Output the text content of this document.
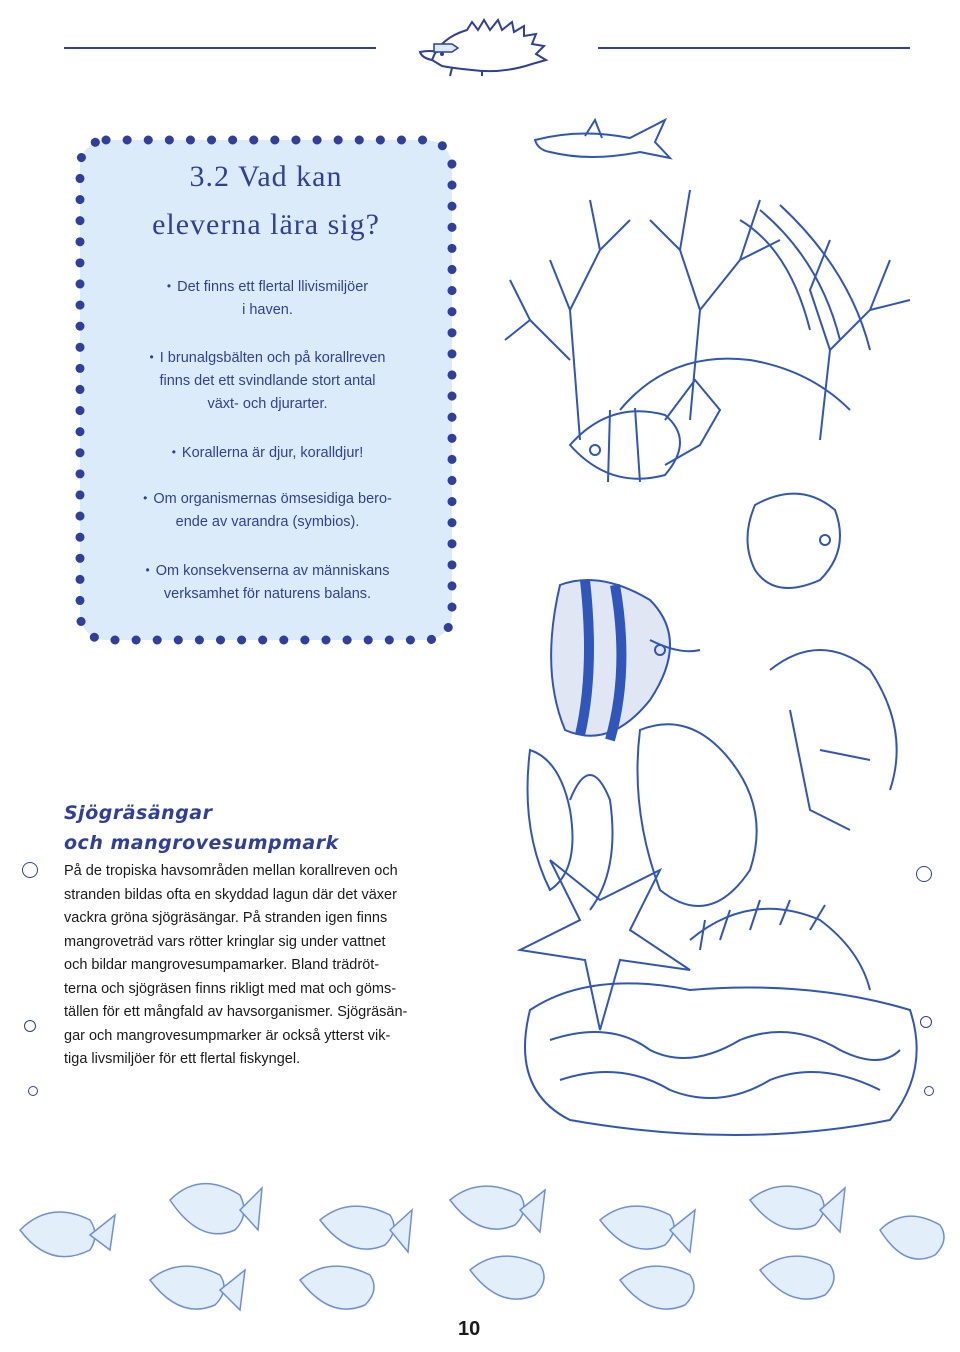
3.2 Vad kan
eleverna lära sig?
• Det finns ett flertal llivismiljöer
i haven.
• I brunalgsbälten och på korallreven
finns det ett svindlande stort antal
växt- och djurarter.
• Korallerna är djur, koralldjur!
• Om organismernas ömsesidiga bero-
ende av varandra (symbios).
• Om konsekvenserna av människans
verksamhet för naturens balans.
Sjögräsängar
och mangrovesumpmark
På de tropiska havsområden mellan korallreven och
stranden bildas ofta en skyddad lagun där det växer
vackra gröna sjögräsängar. På stranden igen finns
mangroveträd vars rötter kringlar sig under vattnet
och bildar mangrovesumpamarker. Bland trädröt-
terna och sjögräsen finns rikligt med mat och göms-
tällen för ett mångfald av havsorganismer. Sjögräsän-
gar och mangrovesumpmarker är också ytterst vik-
tiga livsmiljöer för ett flertal fiskyngel.
10
